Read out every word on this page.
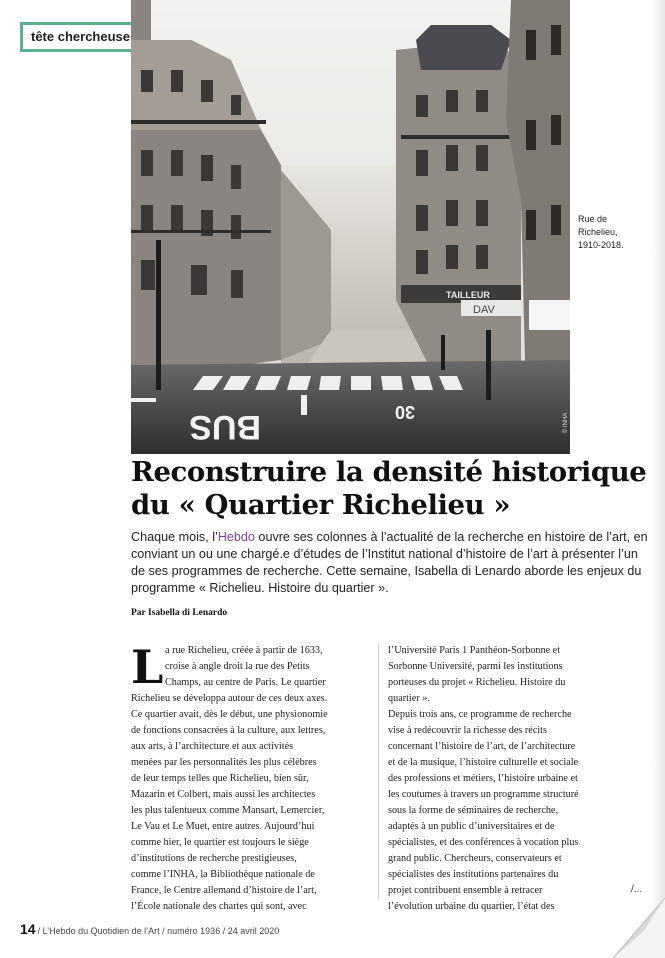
tête chercheuse
TAILLEUR
DAV
BUS	30
Rue de
Richelieu,
1910-2018.
© INHA
Reconstruire la densité historique
du « Quartier Richelieu »

Chaque mois, l’Hebdo ouvre ses colonnes à l’actualité de la recherche en histoire de l’art, en conviant un ou une chargé.e d’études de l’Institut national d’histoire de l’art à présenter l’un de ses programmes de recherche. Cette semaine, Isabella di Lenardo aborde les enjeux du programme « Richelieu. Histoire du quartier ».

Par Isabella di Lenardo
L a rue Richelieu, créée à partir de 1633,

croise à angle droit la rue des Petits

Champs, au centre de Paris. Le quartier

Richelieu se développa autour de ces deux axes.

Ce quartier avait, dès le début, une physionomie

de fonctions consacrées à la culture, aux lettres,

aux arts, à l’architecture et aux activités

menées par les personnalités les plus célèbres

de leur temps telles que Richelieu, bien sûr,

Mazarin et Colbert, mais aussi les architectes

les plus talentueux comme Mansart, Lemercier,

Le Vau et Le Muet, entre autres. Aujourd’hui

comme hier, le quartier est toujours le siège

d’institutions de recherche prestigieuses,

comme l’INHA, la Bibliothèque nationale de

France, le Centre allemand d’histoire de l’art,

l’École nationale des chartes qui sont, avec

l’Université Paris 1 Panthéon-Sorbonne et

Sorbonne Université, parmi les institutions

porteuses du projet « Richelieu. Histoire du

quartier ».

Depuis trois ans, ce programme de recherche

vise à redécouvrir la richesse des récits

concernant l’histoire de l’art, de l’architecture

et de la musique, l’histoire culturelle et sociale

des professions et métiers, l’histoire urbaine et

les coutumes à travers un programme structuré

sous la forme de séminaires de recherche,

adaptés à un public d’universitaires et de

spécialistes, et des conférences à vocation plus

grand public. Chercheurs, conservateurs et

spécialistes des institutions partenaires du

projet contribuent ensemble à retracer

l’évolution urbaine du quartier, l’état des

/...
14 / L’Hebdo du Quotidien de l’Art / numéro 1936 / 24 avril 2020
